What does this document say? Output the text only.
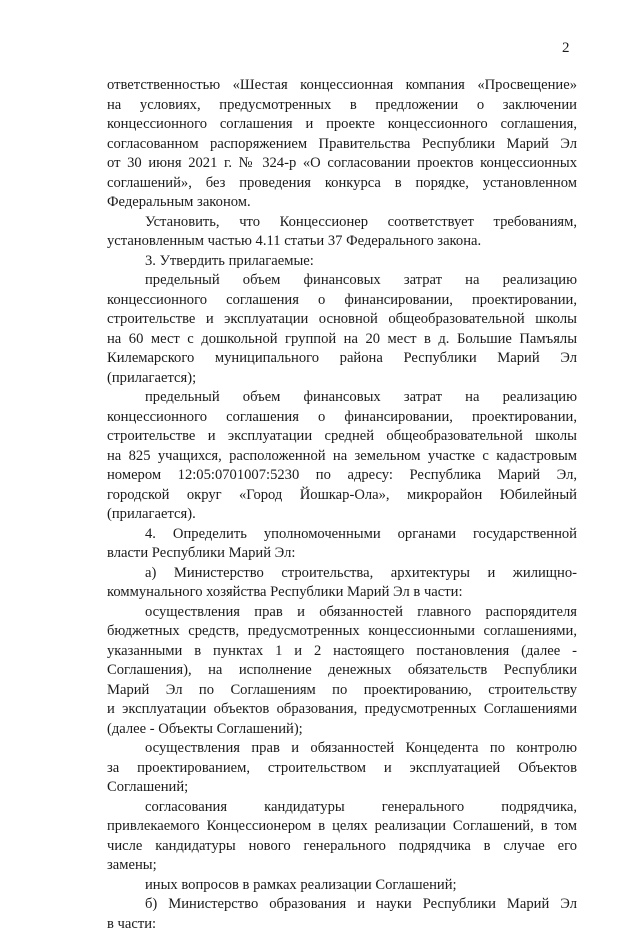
2
ответственностью «Шестая концессионная компания «Просвещение»
на условиях, предусмотренных в предложении о заключении
концессионного соглашения и проекте концессионного соглашения,
согласованном распоряжением Правительства Республики Марий Эл
от 30 июня 2021 г. № 324-р «О согласовании проектов концессионных
соглашений», без проведения конкурса в порядке, установленном
Федеральным законом.
Установить, что Концессионер соответствует требованиям,
установленным частью 4.11 статьи 37 Федерального закона.
3. Утвердить прилагаемые:
предельный объем финансовых затрат на реализацию
концессионного соглашения о финансировании, проектировании,
строительстве и эксплуатации основной общеобразовательной школы
на 60 мест с дошкольной группой на 20 мест в д. Большие Памъялы
Килемарского муниципального района Республики Марий Эл
(прилагается);
предельный объем финансовых затрат на реализацию
концессионного соглашения о финансировании, проектировании,
строительстве и эксплуатации средней общеобразовательной школы
на 825 учащихся, расположенной на земельном участке с кадастровым
номером 12:05:0701007:5230 по адресу: Республика Марий Эл,
городской округ «Город Йошкар-Ола», микрорайон Юбилейный
(прилагается).
4. Определить уполномоченными органами государственной
власти Республики Марий Эл:
а) Министерство строительства, архитектуры и жилищно-
коммунального хозяйства Республики Марий Эл в части:
осуществления прав и обязанностей главного распорядителя
бюджетных средств, предусмотренных концессионными соглашениями,
указанными в пунктах 1 и 2 настоящего постановления (далее -
Соглашения), на исполнение денежных обязательств Республики
Марий Эл по Соглашениям по проектированию, строительству
и эксплуатации объектов образования, предусмотренных Соглашениями
(далее - Объекты Соглашений);
осуществления прав и обязанностей Концедента по контролю
за проектированием, строительством и эксплуатацией Объектов
Соглашений;
согласования кандидатуры генерального подрядчика,
привлекаемого Концессионером в целях реализации Соглашений, в том
числе кандидатуры нового генерального подрядчика в случае его
замены;
иных вопросов в рамках реализации Соглашений;
б) Министерство образования и науки Республики Марий Эл
в части:
